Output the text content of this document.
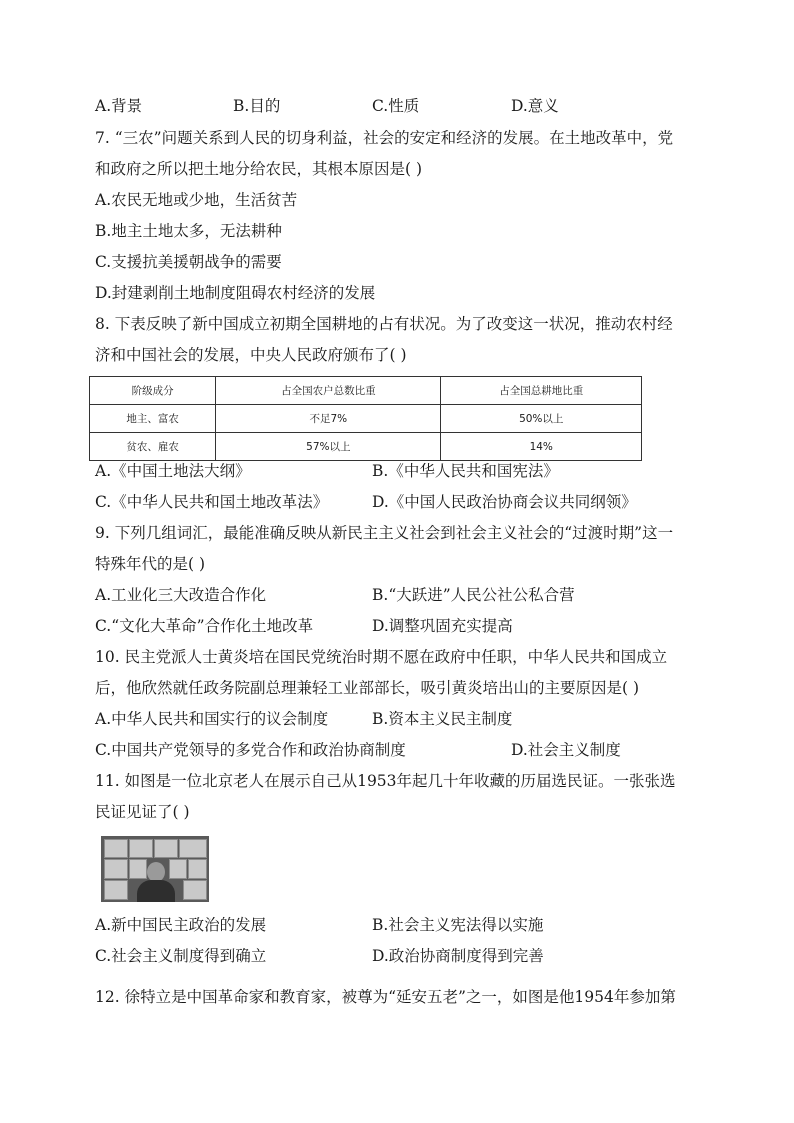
A.背景	B.目的	C.性质	D.意义
7. “三农”问题关系到人民的切身利益，社会的安定和经济的发展。在土地改革中，党
和政府之所以把土地分给农民，其根本原因是( )
A.农民无地或少地，生活贫苦
B.地主土地太多，无法耕种
C.支援抗美援朝战争的需要
D.封建剥削土地制度阻碍农村经济的发展
8. 下表反映了新中国成立初期全国耕地的占有状况。为了改变这一状况，推动农村经
济和中国社会的发展，中央人民政府颁布了( )
阶级成分	占全国农户总数比重	占全国总耕地比重
地主、富农	不足7%	50%以上
贫农、雇农	57%以上	14%
A.《中国土地法大纲》	B.《中华人民共和国宪法》
C.《中华人民共和国土地改革法》	D.《中国人民政治协商会议共同纲领》
9. 下列几组词汇，最能准确反映从新民主主义社会到社会主义社会的“过渡时期”这一
特殊年代的是( )
A.工业化三大改造合作化	B.“大跃进”人民公社公私合营
C.“文化大革命”合作化土地改革	D.调整巩固充实提高
10. 民主党派人士黄炎培在国民党统治时期不愿在政府中任职，中华人民共和国成立
后，他欣然就任政务院副总理兼轻工业部部长，吸引黄炎培出山的主要原因是( )
A.中华人民共和国实行的议会制度	B.资本主义民主制度
C.中国共产党领导的多党合作和政治协商制度	D.社会主义制度
11. 如图是一位北京老人在展示自己从1953年起几十年收藏的历届选民证。一张张选
民证见证了( )
A.新中国民主政治的发展	B.社会主义宪法得以实施
C.社会主义制度得到确立	D.政治协商制度得到完善
12. 徐特立是中国革命家和教育家，被尊为“延安五老”之一，如图是他1954年参加第
